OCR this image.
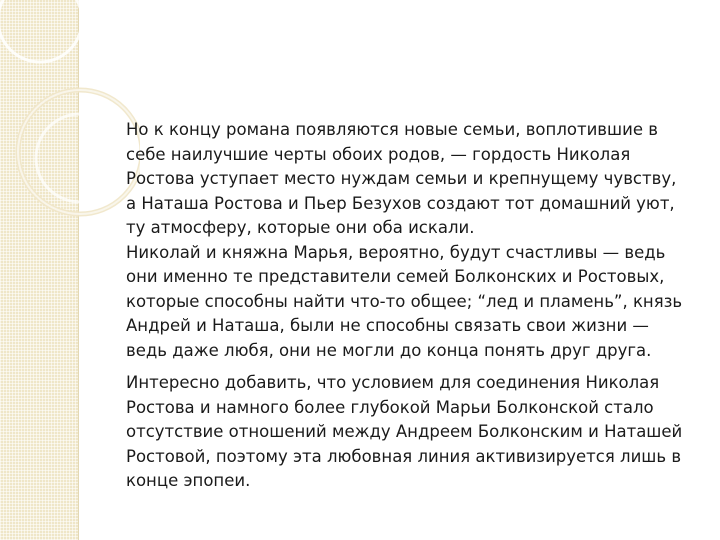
Но к концу романа появляются новые семьи, воплотившие в себе наилучшие черты обоих родов, — гордость Николая Ростова уступает место нуждам семьи и крепнущему чувству, а Наташа Ростова и Пьер Безухов создают тот домашний уют, ту атмосферу, которые они оба искали.

Николай и княжна Марья, вероятно, будут счастливы — ведь они именно те представители семей Болконских и Ростовых, которые способны найти что-то общее; “лед и пламень”, князь Андрей и Наташа, были не способны связать свои жизни — ведь даже любя, они не могли до конца понять друг друга.

Интересно добавить, что условием для соединения Николая Ростова и намного более глубокой Марьи Болконской стало отсутствие отношений между Андреем Болконским и Наташей Ростовой, поэтому эта любовная линия активизируется лишь в конце эпопеи.
